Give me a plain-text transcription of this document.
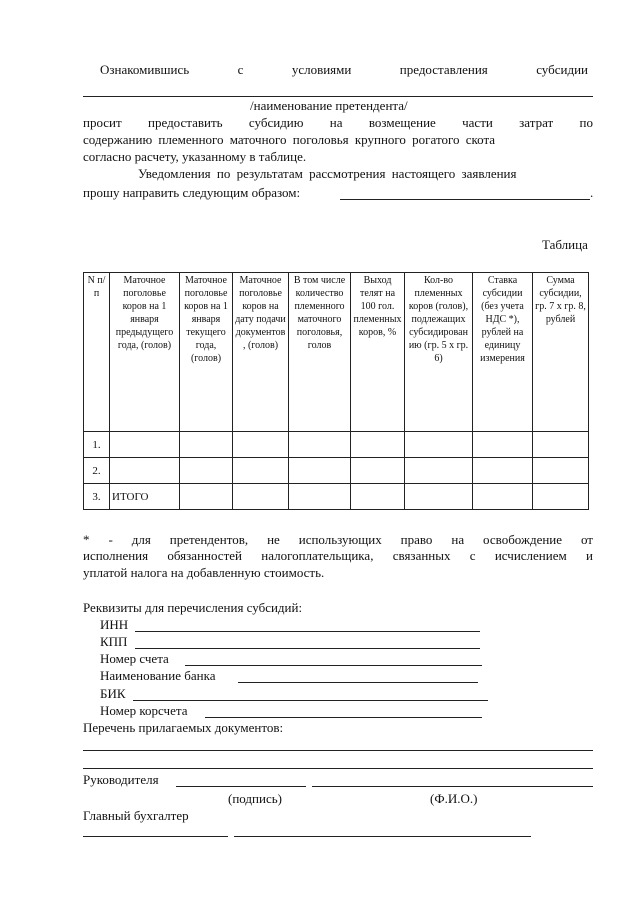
Ознакомившись	с	условиями	предоставления	субсидии
/наименование претендента/
просит предоставить субсидию на возмещение части затрат по
содержанию племенного маточного поголовья крупного рогатого скота
согласно расчету, указанному в таблице.
Уведомления по результатам рассмотрения настоящего заявления
прошу направить следующим образом:	.
Таблица
N п/п	Маточное поголовье коров на 1 января предыдущего года, (голов)	Маточное поголовье коров на 1 января текущего года, (голов)	Маточное поголовье коров на дату подачи документов, (голов)	В том числе количество племенного маточного поголовья, голов	Выход телят на 100 гол. племенных коров, %	Кол-во племенных коров (голов), подлежащих субсидированию (гр. 5 х гр. 6)	Ставка субсидии (без учета НДС *), рублей на единицу измерения	Сумма субсидии, гр. 7 х гр. 8, рублей
1.								
2.								
3.	ИТОГО							
* - для претендентов, не использующих право на освобождение от
исполнения обязанностей налогоплательщика, связанных с исчислением и
уплатой налога на добавленную стоимость.
Реквизиты для перечисления субсидий:
ИНН
КПП
Номер счета
Наименование банка
БИК
Номер корсчета
Перечень прилагаемых документов:
Руководителя
(подпись)	(Ф.И.О.)
Главный бухгалтер
